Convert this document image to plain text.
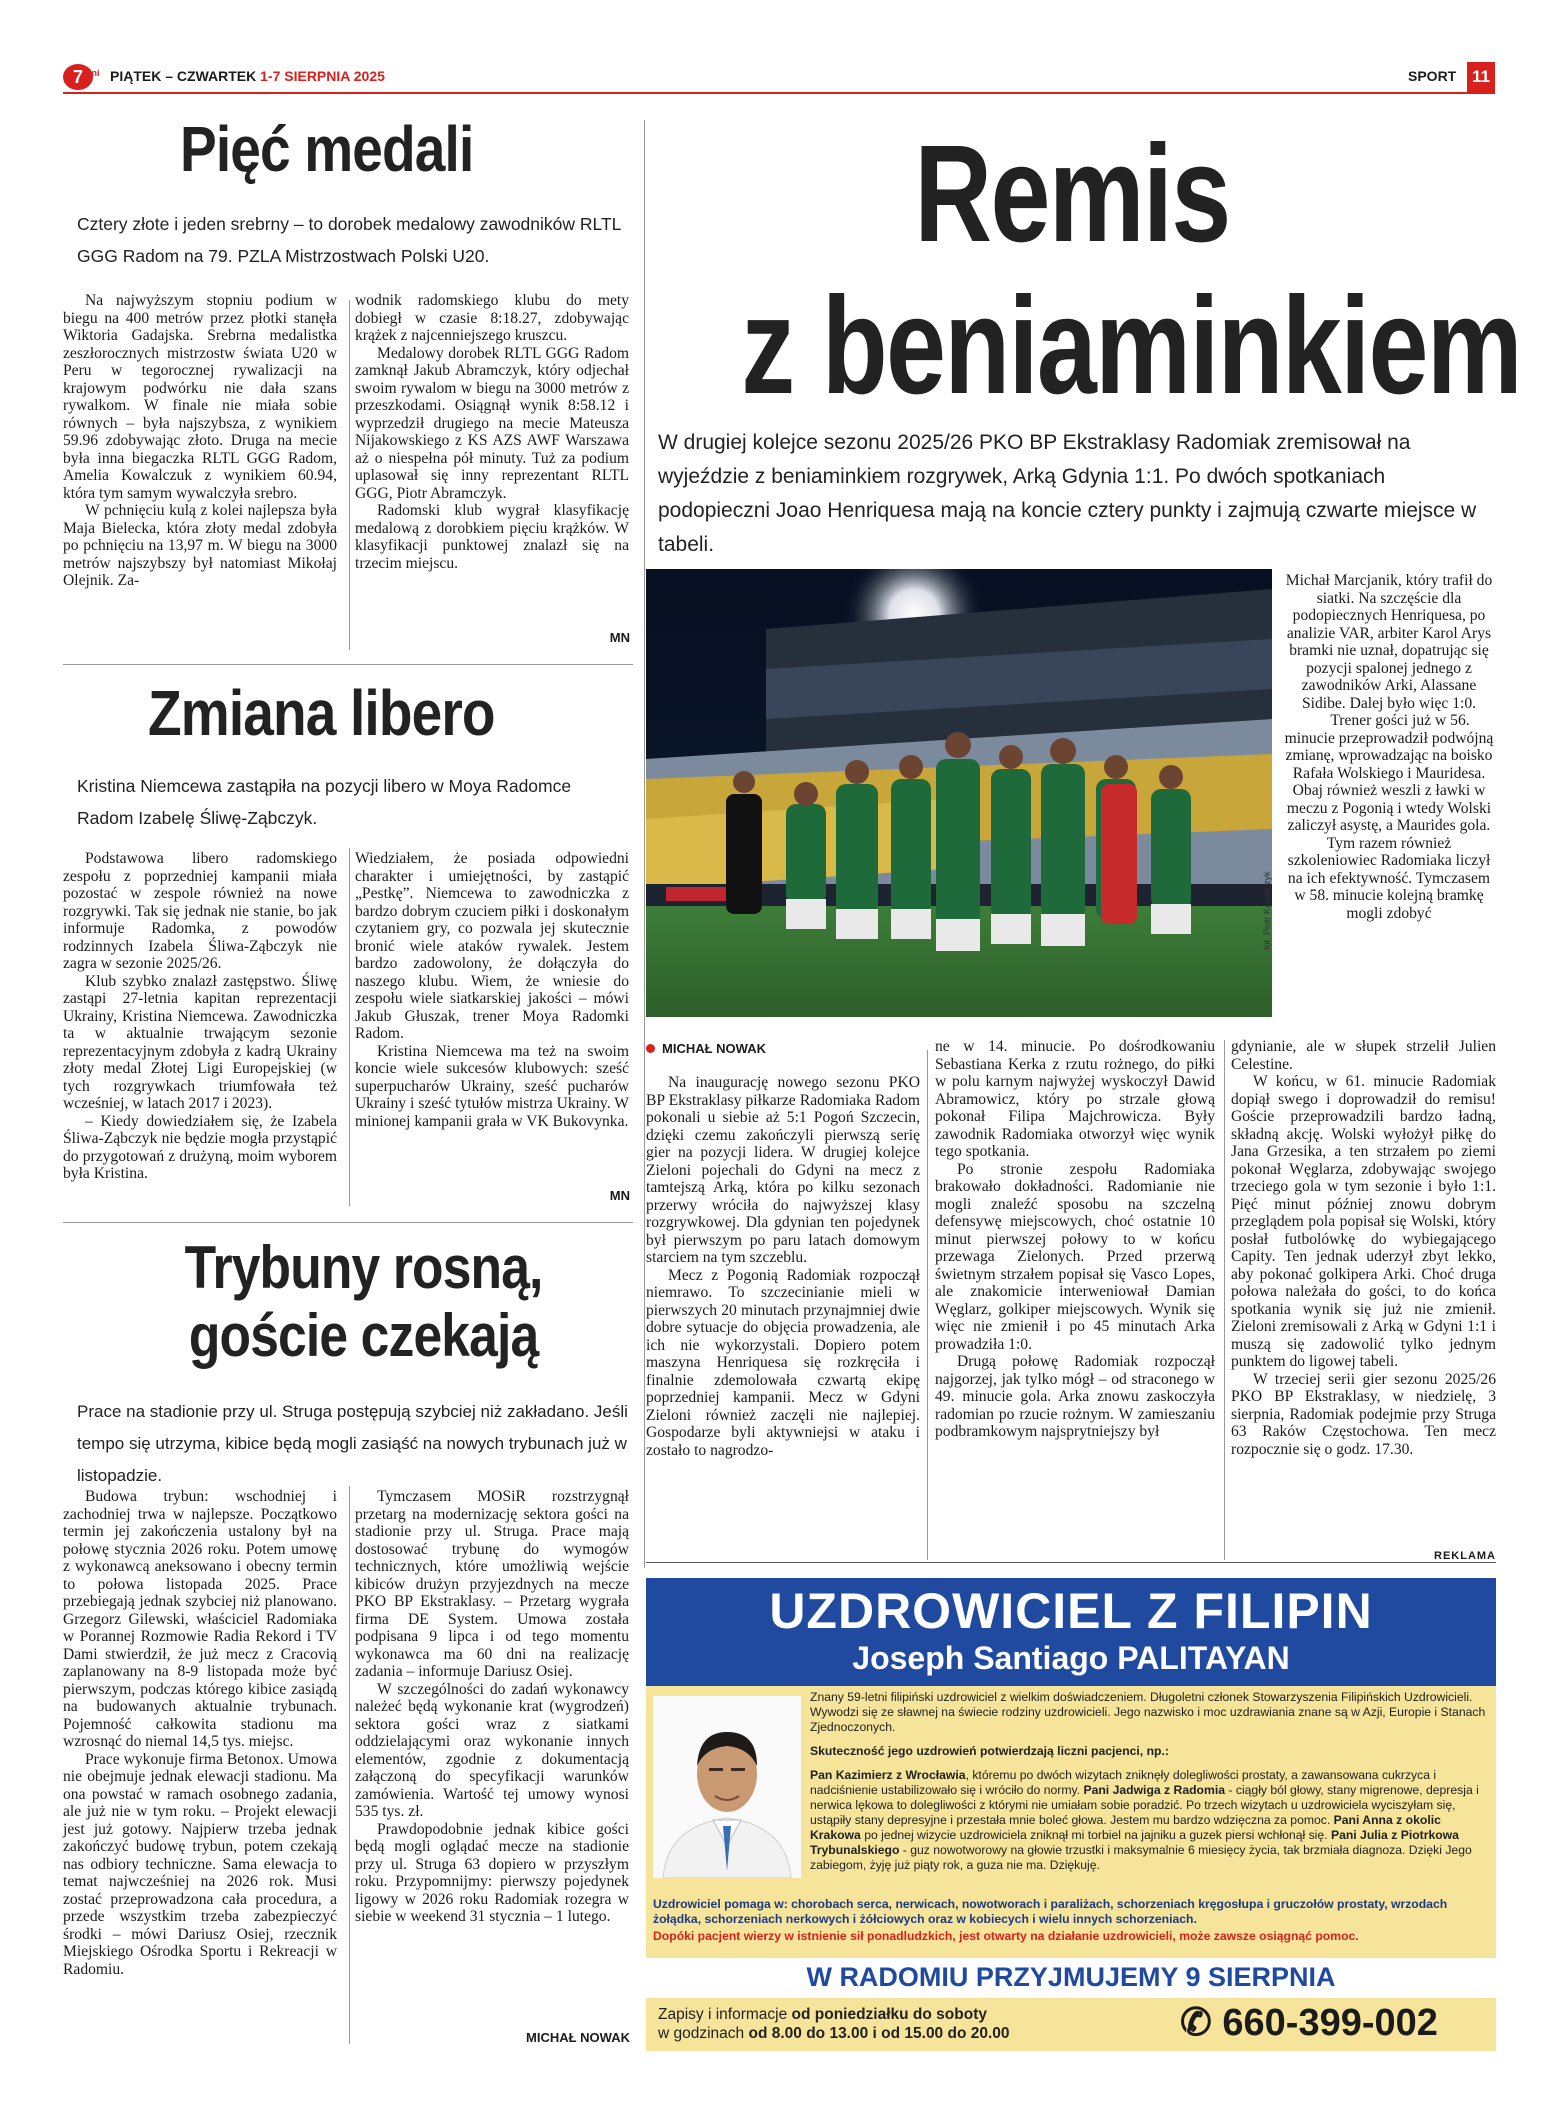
7 dni PIĄTEK – CZWARTEK 1-7 SIERPNIA 2025	SPORT 11
Pięć medali
Cztery złote i jeden srebrny – to dorobek medalowy zawodników RLTL GGG Radom na 79. PZLA Mistrzostwach Polski U20.

Na najwyższym stopniu podium w biegu na 400 metrów przez płotki stanęła Wiktoria Gadajska. Srebrna medalistka zeszłorocznych mistrzostw świata U20 w Peru w tegorocznej rywalizacji na krajowym podwórku nie dała szans rywalkom. W finale nie miała sobie równych – była najszybsza, z wynikiem 59.96 zdobywając złoto. Druga na mecie była inna biegaczka RLTL GGG Radom, Amelia Kowalczuk z wynikiem 60.94, która tym samym wywalczyła srebro.

W pchnięciu kulą z kolei najlepsza była Maja Bielecka, która złoty medal zdobyła po pchnięciu na 13,97 m. W biegu na 3000 metrów najszybszy był natomiast Mikołaj Olejnik. Za-

wodnik radomskiego klubu do mety dobiegł w czasie 8:18.27, zdobywając krążek z najcenniejszego kruszcu.

Medalowy dorobek RLTL GGG Radom zamknął Jakub Abramczyk, który odjechał swoim rywalom w biegu na 3000 metrów z przeszkodami. Osiągnął wynik 8:58.12 i wyprzedził drugiego na mecie Mateusza Nijakowskiego z KS AZS AWF Warszawa aż o niespełna pół minuty. Tuż za podium uplasował się inny reprezentant RLTL GGG, Piotr Abramczyk.

Radomski klub wygrał klasyfikację medalową z dorobkiem pięciu krążków. W klasyfikacji punktowej znalazł się na trzecim miejscu.

MN
Zmiana libero
Kristina Niemcewa zastąpiła na pozycji libero w Moya Radomce Radom Izabelę Śliwę-Ząbczyk.

Podstawowa libero radomskiego zespołu z poprzedniej kampanii miała pozostać w zespole również na nowe rozgrywki. Tak się jednak nie stanie, bo jak informuje Radomka, z powodów rodzinnych Izabela Śliwa-Ząbczyk nie zagra w sezonie 2025/26.

Klub szybko znalazł zastępstwo. Śliwę zastąpi 27-letnia kapitan reprezentacji Ukrainy, Kristina Niemcewa. Zawodniczka ta w aktualnie trwającym sezonie reprezentacyjnym zdobyła z kadrą Ukrainy złoty medal Złotej Ligi Europejskiej (w tych rozgrywkach triumfowała też wcześniej, w latach 2017 i 2023).

– Kiedy dowiedziałem się, że Izabela Śliwa-Ząbczyk nie będzie mogła przystąpić do przygotowań z drużyną, moim wyborem była Kristina.

Wiedziałem, że posiada odpowiedni charakter i umiejętności, by zastąpić „Pestkę”. Niemcewa to zawodniczka z bardzo dobrym czuciem piłki i doskonałym czytaniem gry, co pozwala jej skutecznie bronić wiele ataków rywalek. Jestem bardzo zadowolony, że dołączyła do naszego klubu. Wiem, że wniesie do zespołu wiele siatkarskiej jakości – mówi Jakub Głuszak, trener Moya Radomki Radom.

Kristina Niemcewa ma też na swoim koncie wiele sukcesów klubowych: sześć superpucharów Ukrainy, sześć pucharów Ukrainy i sześć tytułów mistrza Ukrainy. W minionej kampanii grała w VK Bukovynka.

MN
Trybuny rosną,
goście czekają
Prace na stadionie przy ul. Struga postępują szybciej niż zakładano. Jeśli tempo się utrzyma, kibice będą mogli zasiąść na nowych trybunach już w listopadzie.

Budowa trybun: wschodniej i zachodniej trwa w najlepsze. Początkowo termin jej zakończenia ustalony był na połowę stycznia 2026 roku. Potem umowę z wykonawcą aneksowano i obecny termin to połowa listopada 2025. Prace przebiegają jednak szybciej niż planowano. Grzegorz Gilewski, właściciel Radomiaka w Porannej Rozmowie Radia Rekord i TV Dami stwierdził, że już mecz z Cracovią zaplanowany na 8-9 listopada może być pierwszym, podczas którego kibice zasiądą na budowanych aktualnie trybunach. Pojemność całkowita stadionu ma wzrosnąć do niemal 14,5 tys. miejsc.

Prace wykonuje firma Betonox. Umowa nie obejmuje jednak elewacji stadionu. Ma ona powstać w ramach osobnego zadania, ale już nie w tym roku. – Projekt elewacji jest już gotowy. Najpierw trzeba jednak zakończyć budowę trybun, potem czekają nas odbiory techniczne. Sama elewacja to temat najwcześniej na 2026 rok. Musi zostać przeprowadzona cała procedura, a przede wszystkim trzeba zabezpieczyć środki – mówi Dariusz Osiej, rzecznik Miejskiego Ośrodka Sportu i Rekreacji w Radomiu.

Tymczasem MOSiR rozstrzygnął przetarg na modernizację sektora gości na stadionie przy ul. Struga. Prace mają dostosować trybunę do wymogów technicznych, które umożliwią wejście kibiców drużyn przyjezdnych na mecze PKO BP Ekstraklasy. – Przetarg wygrała firma DE System. Umowa została podpisana 9 lipca i od tego momentu wykonawca ma 60 dni na realizację zadania – informuje Dariusz Osiej.

W szczególności do zadań wykonawcy należeć będą wykonanie krat (wygrodzeń) sektora gości wraz z siatkami oddzielającymi oraz wykonanie innych elementów, zgodnie z dokumentacją załączoną do specyfikacji warunków zamówienia. Wartość tej umowy wynosi 535 tys. zł.

Prawdopodobnie jednak kibice gości będą mogli oglądać mecze na stadionie przy ul. Struga 63 dopiero w przyszłym roku. Przypomnijmy: pierwszy pojedynek ligowy w 2026 roku Radomiak rozegra w siebie w weekend 31 stycznia – 1 lutego.

MICHAŁ NOWAK
Remis
z beniaminkiem
W drugiej kolejce sezonu 2025/26 PKO BP Ekstraklasy Radomiak zremisował na wyjeździe z beniaminkiem rozgrywek, Arką Gdynia 1:1. Po dwóch spotkaniach podopieczni Joao Henriquesa mają na koncie cztery punkty i zajmują czwarte miejsce w tabeli.
fot. Piotr Kowalczyk
MICHAŁ NOWAK

Michał Marcjanik, który trafił do siatki. Na szczęście dla podopiecznych Henriquesa, po analizie VAR, arbiter Karol Arys bramki nie uznał, dopatrując się pozycji spalonej jednego z zawodników Arki, Alassane Sidibe. Dalej było więc 1:0.

Trener gości już w 56. minucie przeprowadził podwójną zmianę, wprowadzając na boisko Rafała Wolskiego i Mauridesa. Obaj również weszli z ławki w meczu z Pogonią i wtedy Wolski zaliczył asystę, a Maurides gola. Tym razem również szkoleniowiec Radomiaka liczył na ich efektywność. Tymczasem w 58. minucie kolejną bramkę mogli zdobyć

Na inaugurację nowego sezonu PKO BP Ekstraklasy piłkarze Radomiaka Radom pokonali u siebie aż 5:1 Pogoń Szczecin, dzięki czemu zakończyli pierwszą serię gier na pozycji lidera. W drugiej kolejce Zieloni pojechali do Gdyni na mecz z tamtejszą Arką, która po kilku sezonach przerwy wróciła do najwyższej klasy rozgrywkowej. Dla gdynian ten pojedynek był pierwszym po paru latach domowym starciem na tym szczeblu.

Mecz z Pogonią Radomiak rozpoczął niemrawo. To szczecinianie mieli w pierwszych 20 minutach przynajmniej dwie dobre sytuacje do objęcia prowadzenia, ale ich nie wykorzystali. Dopiero potem maszyna Henriquesa się rozkręciła i finalnie zdemolowała czwartą ekipę poprzedniej kampanii. Mecz w Gdyni Zieloni również zaczęli nie najlepiej. Gospodarze byli aktywniejsi w ataku i zostało to nagrodzo-

ne w 14. minucie. Po dośrodkowaniu Sebastiana Kerka z rzutu rożnego, do piłki w polu karnym najwyżej wyskoczył Dawid Abramowicz, który po strzale głową pokonał Filipa Majchrowicza. Były zawodnik Radomiaka otworzył więc wynik tego spotkania.

Po stronie zespołu Radomiaka brakowało dokładności. Radomianie nie mogli znaleźć sposobu na szczelną defensywę miejscowych, choć ostatnie 10 minut pierwszej połowy to w końcu przewaga Zielonych. Przed przerwą świetnym strzałem popisał się Vasco Lopes, ale znakomicie interweniował Damian Węglarz, golkiper miejscowych. Wynik się więc nie zmienił i po 45 minutach Arka prowadziła 1:0.

Drugą połowę Radomiak rozpoczął najgorzej, jak tylko mógł – od straconego w 49. minucie gola. Arka znowu zaskoczyła radomian po rzucie rożnym. W zamieszaniu podbramkowym najsprytniejszy był

gdynianie, ale w słupek strzelił Julien Celestine.

W końcu, w 61. minucie Radomiak dopiął swego i doprowadził do remisu! Goście przeprowadzili bardzo ładną, składną akcję. Wolski wyłożył piłkę do Jana Grzesika, a ten strzałem po ziemi pokonał Węglarza, zdobywając swojego trzeciego gola w tym sezonie i było 1:1. Pięć minut później znowu dobrym przeglądem pola popisał się Wolski, który posłał futbolówkę do wybiegającego Capity. Ten jednak uderzył zbyt lekko, aby pokonać golkipera Arki. Choć druga połowa należała do gości, to do końca spotkania wynik się już nie zmienił. Zieloni zremisowali z Arką w Gdyni 1:1 i muszą się zadowolić tylko jednym punktem do ligowej tabeli.

W trzeciej serii gier sezonu 2025/26 PKO BP Ekstraklasy, w niedzielę, 3 sierpnia, Radomiak podejmie przy Struga 63 Raków Częstochowa. Ten mecz rozpocznie się o godz. 17.30.

REKLAMA
UZDROWICIEL Z FILIPIN
Joseph Santiago PALITAYAN
Znany 59-letni filipiński uzdrowiciel z wielkim doświadczeniem. Długoletni członek Stowarzyszenia Filipińskich Uzdrowicieli. Wywodzi się ze sławnej na świecie rodziny uzdrowicieli. Jego nazwisko i moc uzdrawiania znane są w Azji, Europie i Stanach Zjednoczonych.
Skuteczność jego uzdrowień potwierdzają liczni pacjenci, np.:
Pan Kazimierz z Wrocławia, któremu po dwóch wizytach zniknęły dolegliwości prostaty, a zawansowana cukrzyca i nadciśnienie ustabilizowało się i wróciło do normy. Pani Jadwiga z Radomia - ciągły ból głowy, stany migrenowe, depresja i nerwica lękowa to dolegliwości z którymi nie umiałam sobie poradzić. Po trzech wizytach u uzdrowiciela wyciszyłam się, ustąpiły stany depresyjne i przestała mnie boleć głowa. Jestem mu bardzo wdzięczna za pomoc. Pani Anna z okolic Krakowa po jednej wizycie uzdrowiciela zniknął mi torbiel na jajniku a guzek piersi wchłonął się. Pani Julia z Piotrkowa Trybunalskiego - guz nowotworowy na głowie trzustki i maksymalnie 6 miesięcy życia, tak brzmiała diagnoza. Dzięki Jego zabiegom, żyję już piąty rok, a guza nie ma. Dziękuję.
Uzdrowiciel pomaga w: chorobach serca, nerwicach, nowotworach i paraliżach, schorzeniach kręgosłupa i gruczołów prostaty, wrzodach żołądka, schorzeniach nerkowych i żółciowych oraz w kobiecych i wielu innych schorzeniach.
Dopóki pacjent wierzy w istnienie sił ponadludzkich, jest otwarty na działanie uzdrowicieli, może zawsze osiągnąć pomoc.
W RADOMIU PRZYJMUJEMY 9 SIERPNIA
Zapisy i informacje od poniedziałku do soboty
w godzinach od 8.00 do 13.00 i od 15.00 do 20.00	✆ 660-399-002
